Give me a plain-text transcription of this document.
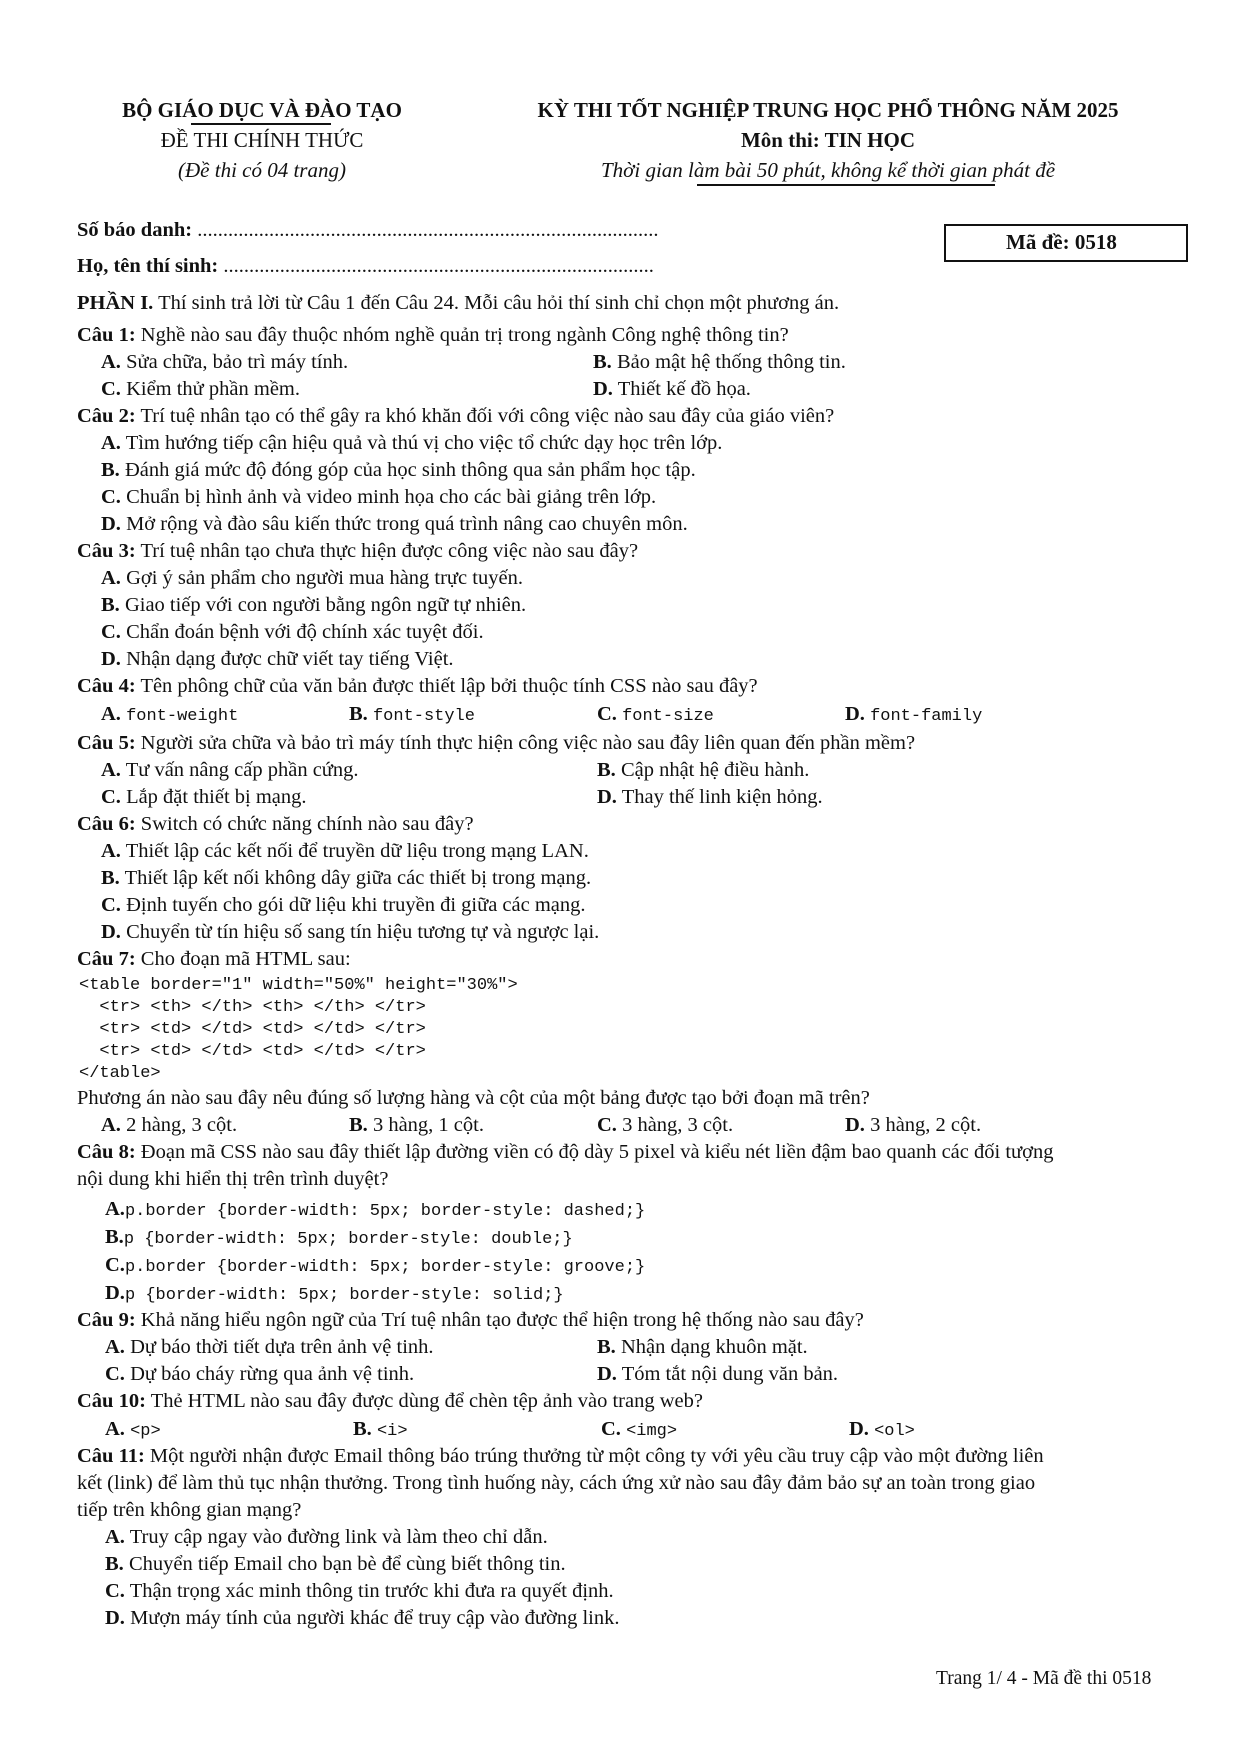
BỘ GIÁO DỤC VÀ ĐÀO TẠO
ĐỀ THI CHÍNH THỨC
(Đề thi có 04 trang)
KỲ THI TỐT NGHIỆP TRUNG HỌC PHỔ THÔNG NĂM 2025
Môn thi: TIN HỌC
Thời gian làm bài 50 phút, không kể thời gian phát đề
Số báo danh: ..........................................................................................
Họ, tên thí sinh: ....................................................................................
Mã đề: 0518
PHẦN I. Thí sinh trả lời từ Câu 1 đến Câu 24. Mỗi câu hỏi thí sinh chỉ chọn một phương án.
Câu 1: Nghề nào sau đây thuộc nhóm nghề quản trị trong ngành Công nghệ thông tin?
A. Sửa chữa, bảo trì máy tính.	B. Bảo mật hệ thống thông tin.
C. Kiểm thử phần mềm.	D. Thiết kế đồ họa.
Câu 2: Trí tuệ nhân tạo có thể gây ra khó khăn đối với công việc nào sau đây của giáo viên?
A. Tìm hướng tiếp cận hiệu quả và thú vị cho việc tổ chức dạy học trên lớp.
B. Đánh giá mức độ đóng góp của học sinh thông qua sản phẩm học tập.
C. Chuẩn bị hình ảnh và video minh họa cho các bài giảng trên lớp.
D. Mở rộng và đào sâu kiến thức trong quá trình nâng cao chuyên môn.
Câu 3: Trí tuệ nhân tạo chưa thực hiện được công việc nào sau đây?
A. Gợi ý sản phẩm cho người mua hàng trực tuyến.
B. Giao tiếp với con người bằng ngôn ngữ tự nhiên.
C. Chẩn đoán bệnh với độ chính xác tuyệt đối.
D. Nhận dạng được chữ viết tay tiếng Việt.
Câu 4: Tên phông chữ của văn bản được thiết lập bởi thuộc tính CSS nào sau đây?
A. font-weight	B. font-style	C. font-size	D. font-family
Câu 5: Người sửa chữa và bảo trì máy tính thực hiện công việc nào sau đây liên quan đến phần mềm?
A. Tư vấn nâng cấp phần cứng.	B. Cập nhật hệ điều hành.
C. Lắp đặt thiết bị mạng.	D. Thay thế linh kiện hỏng.
Câu 6: Switch có chức năng chính nào sau đây?
A. Thiết lập các kết nối để truyền dữ liệu trong mạng LAN.
B. Thiết lập kết nối không dây giữa các thiết bị trong mạng.
C. Định tuyến cho gói dữ liệu khi truyền đi giữa các mạng.
D. Chuyển từ tín hiệu số sang tín hiệu tương tự và ngược lại.
Câu 7: Cho đoạn mã HTML sau:
<table border="1" width="50%" height="30%">
<tr> <th> </th> <th> </th> </tr>
<tr> <td> </td> <td> </td> </tr>
<tr> <td> </td> <td> </td> </tr>
</table>
Phương án nào sau đây nêu đúng số lượng hàng và cột của một bảng được tạo bởi đoạn mã trên?
A. 2 hàng, 3 cột.	B. 3 hàng, 1 cột.	C. 3 hàng, 3 cột.	D. 3 hàng, 2 cột.
Câu 8: Đoạn mã CSS nào sau đây thiết lập đường viền có độ dày 5 pixel và kiểu nét liền đậm bao quanh các đối tượng
nội dung khi hiển thị trên trình duyệt?
A.p.border {border-width: 5px; border-style: dashed;}
B.p {border-width: 5px; border-style: double;}
C.p.border {border-width: 5px; border-style: groove;}
D.p {border-width: 5px; border-style: solid;}
Câu 9: Khả năng hiểu ngôn ngữ của Trí tuệ nhân tạo được thể hiện trong hệ thống nào sau đây?
A. Dự báo thời tiết dựa trên ảnh vệ tinh.	B. Nhận dạng khuôn mặt.
C. Dự báo cháy rừng qua ảnh vệ tinh.	D. Tóm tắt nội dung văn bản.
Câu 10: Thẻ HTML nào sau đây được dùng để chèn tệp ảnh vào trang web?
A. <p>	B. <i>	C. <img>	D. <ol>
Câu 11: Một người nhận được Email thông báo trúng thưởng từ một công ty với yêu cầu truy cập vào một đường liên
kết (link) để làm thủ tục nhận thưởng. Trong tình huống này, cách ứng xử nào sau đây đảm bảo sự an toàn trong giao
tiếp trên không gian mạng?
A. Truy cập ngay vào đường link và làm theo chỉ dẫn.
B. Chuyển tiếp Email cho bạn bè để cùng biết thông tin.
C. Thận trọng xác minh thông tin trước khi đưa ra quyết định.
D. Mượn máy tính của người khác để truy cập vào đường link.
Trang 1/ 4 - Mã đề thi 0518
